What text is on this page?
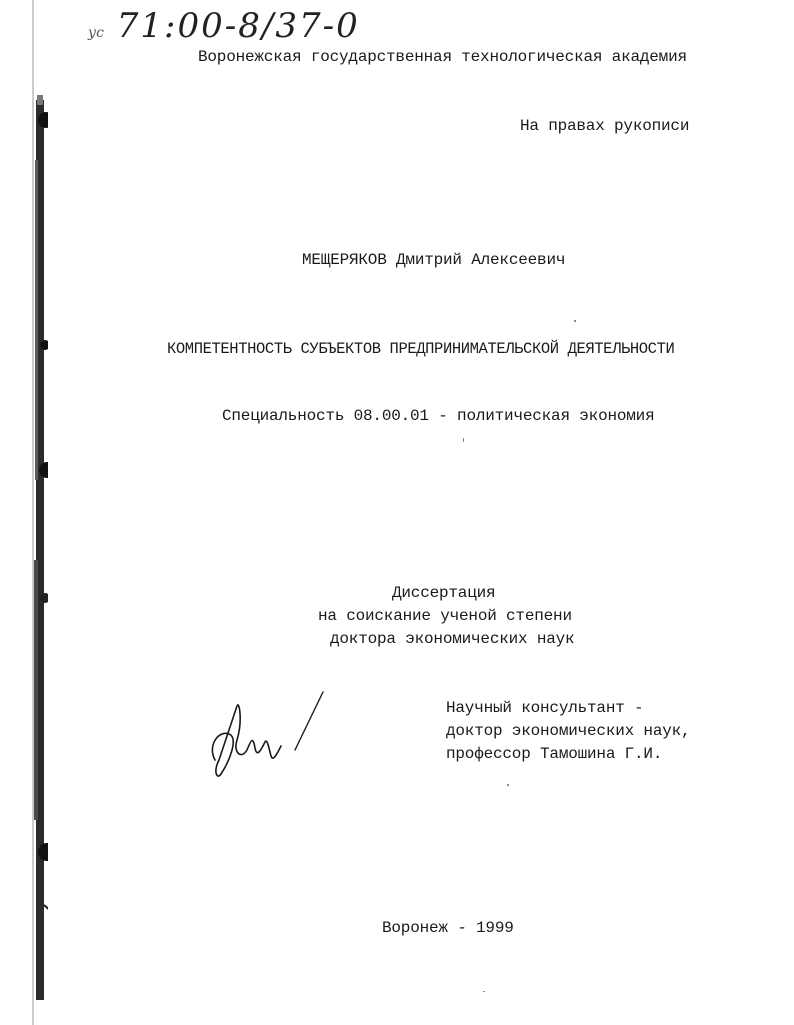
ус 71:00-8/37-0
Воронежская государственная технологическая академия
На правах рукописи
МЕЩЕРЯКОВ Дмитрий Алексеевич
КОМПЕТЕНТНОСТЬ СУБЪЕКТОВ ПРЕДПРИНИМАТЕЛЬСКОЙ ДЕЯТЕЛЬНОСТИ
Специальность 08.00.01 - политическая экономия
Диссертация
на соискание ученой степени
доктора экономических наук
Научный консультант -
доктор экономических наук,
профессор Тамошина Г.И.
Воронеж - 1999
